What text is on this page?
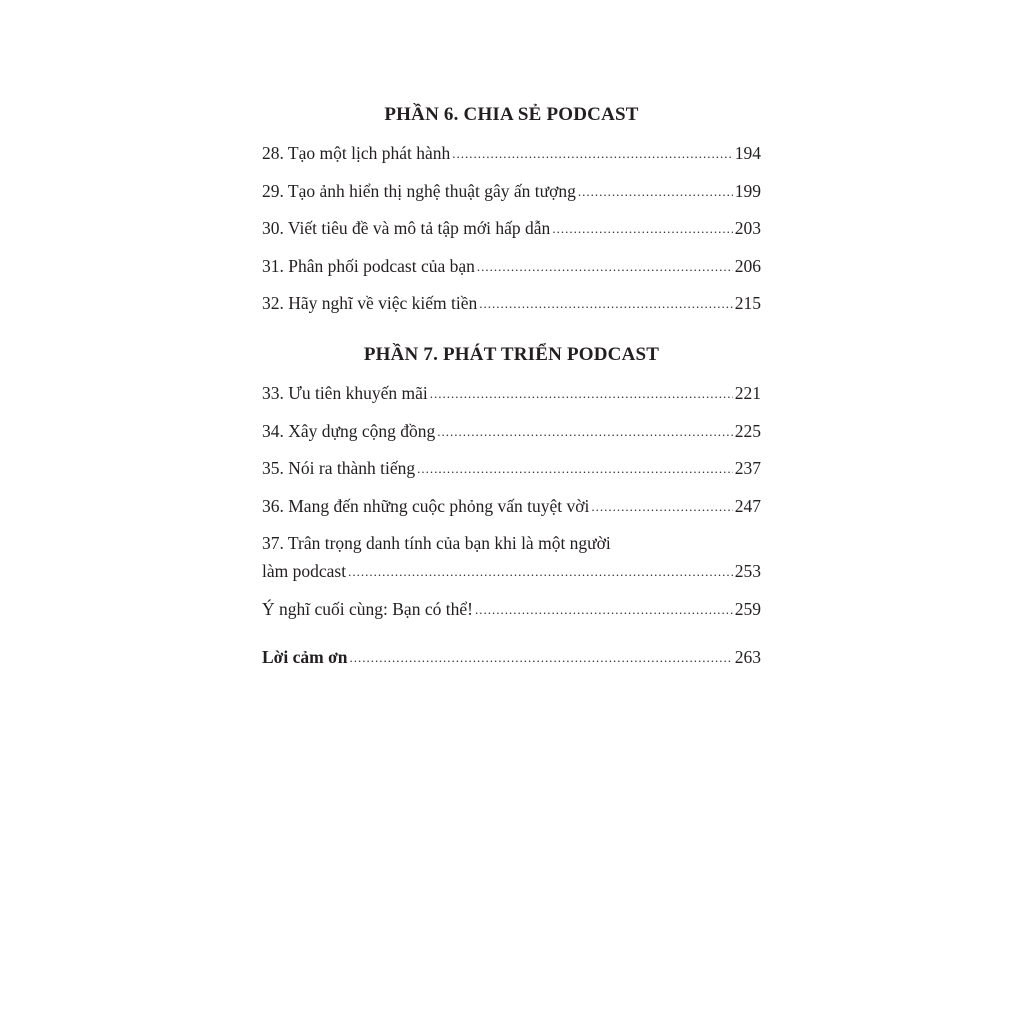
PHẦN 6. CHIA SẺ PODCAST
28. Tạo một lịch phát hành .....	194
29. Tạo ảnh hiển thị nghệ thuật gây ấn tượng .....	199
30. Viết tiêu đề và mô tả tập mới hấp dẫn .....	203
31. Phân phối podcast của bạn .....	206
32. Hãy nghĩ về việc kiếm tiền .....	215
PHẦN 7. PHÁT TRIỂN PODCAST
33. Ưu tiên khuyến mãi .....	221
34. Xây dựng cộng đồng .....	225
35. Nói ra thành tiếng .....	237
36. Mang đến những cuộc phỏng vấn tuyệt vời .....	247
37. Trân trọng danh tính của bạn khi là một người
làm podcast .....	253
Ý nghĩ cuối cùng: Bạn có thể! .....	259
Lời cảm ơn .....	263
